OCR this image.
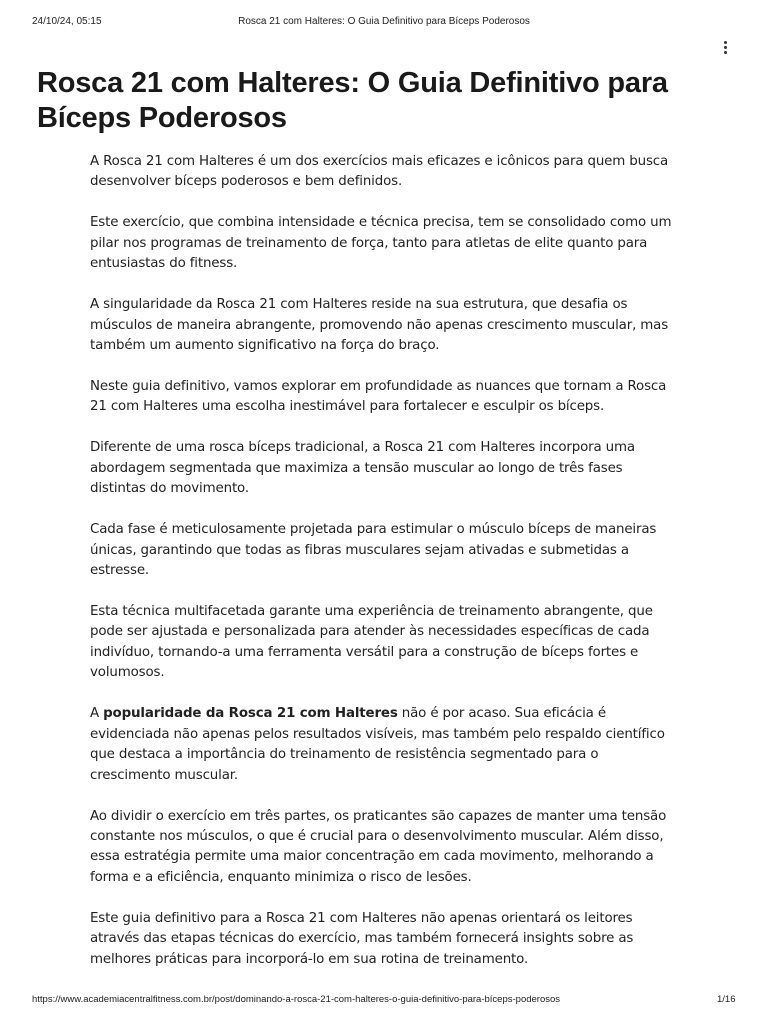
24/10/24, 05:15	Rosca 21 com Halteres: O Guia Definitivo para Bíceps Poderosos
Rosca 21 com Halteres: O Guia Definitivo para Bíceps Poderosos

A Rosca 21 com Halteres é um dos exercícios mais eficazes e icônicos para quem busca desenvolver bíceps poderosos e bem definidos.

Este exercício, que combina intensidade e técnica precisa, tem se consolidado como um pilar nos programas de treinamento de força, tanto para atletas de elite quanto para entusiastas do fitness.

A singularidade da Rosca 21 com Halteres reside na sua estrutura, que desafia os músculos de maneira abrangente, promovendo não apenas crescimento muscular, mas também um aumento significativo na força do braço.

Neste guia definitivo, vamos explorar em profundidade as nuances que tornam a Rosca 21 com Halteres uma escolha inestimável para fortalecer e esculpir os bíceps.

Diferente de uma rosca bíceps tradicional, a Rosca 21 com Halteres incorpora uma abordagem segmentada que maximiza a tensão muscular ao longo de três fases distintas do movimento.

Cada fase é meticulosamente projetada para estimular o músculo bíceps de maneiras únicas, garantindo que todas as fibras musculares sejam ativadas e submetidas a estresse.

Esta técnica multifacetada garante uma experiência de treinamento abrangente, que pode ser ajustada e personalizada para atender às necessidades específicas de cada indivíduo, tornando-a uma ferramenta versátil para a construção de bíceps fortes e volumosos.

A popularidade da Rosca 21 com Halteres não é por acaso. Sua eficácia é evidenciada não apenas pelos resultados visíveis, mas também pelo respaldo científico que destaca a importância do treinamento de resistência segmentado para o crescimento muscular.

Ao dividir o exercício em três partes, os praticantes são capazes de manter uma tensão constante nos músculos, o que é crucial para o desenvolvimento muscular. Além disso, essa estratégia permite uma maior concentração em cada movimento, melhorando a forma e a eficiência, enquanto minimiza o risco de lesões.

Este guia definitivo para a Rosca 21 com Halteres não apenas orientará os leitores através das etapas técnicas do exercício, mas também fornecerá insights sobre as melhores práticas para incorporá-lo em sua rotina de treinamento.

https://www.academiacentralfitness.com.br/post/dominando-a-rosca-21-com-halteres-o-guia-definitivo-para-bíceps-poderosos	1/16
